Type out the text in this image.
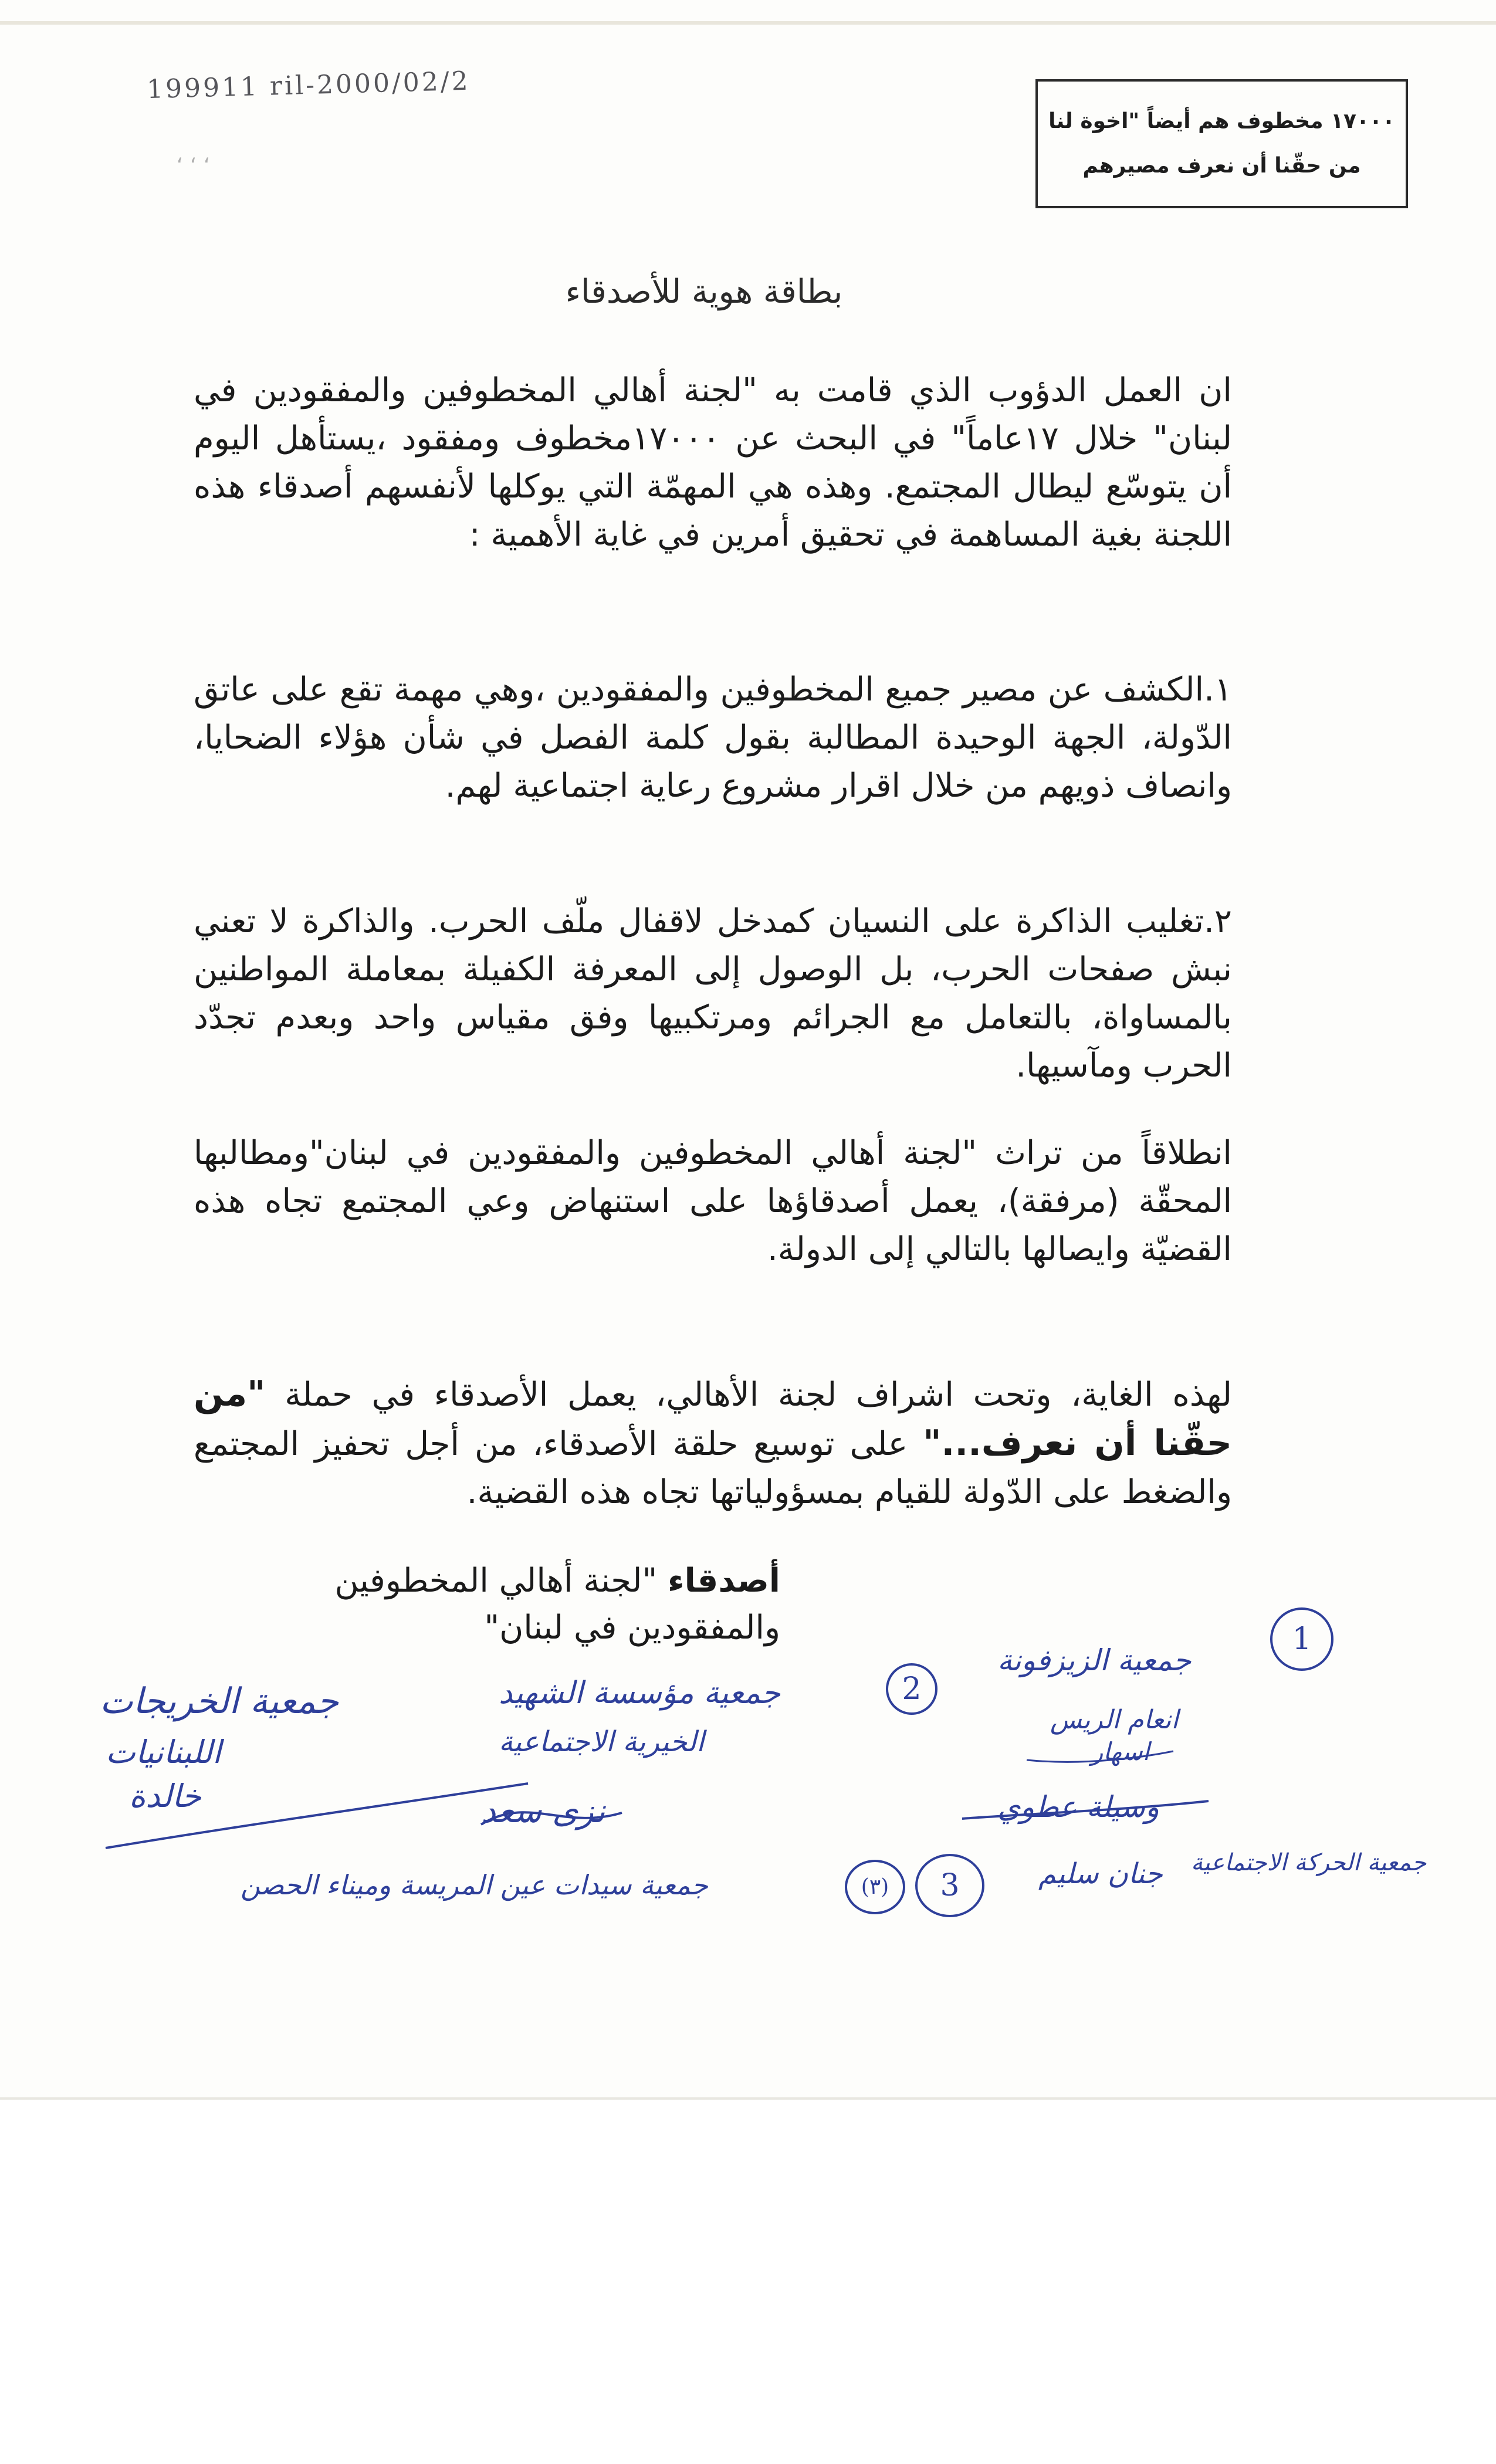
199911 ril-2000/02/2
، ، ،
١٧٠٠٠ مخطوف هم أيضاً "اخوة لنا
من حقّنا أن نعرف مصيرهم
بطاقة هوية للأصدقاء
ان العمل الدؤوب الذي قامت به "لجنة أهالي المخطوفين والمفقودين في لبنان" خلال ١٧عاماً" في البحث عن ١٧٠٠٠مخطوف ومفقود ،يستأهل اليوم أن يتوسّع ليطال المجتمع. وهذه هي المهمّة التي يوكلها لأنفسهم أصدقاء هذه اللجنة بغية المساهمة في تحقيق أمرين في غاية الأهمية :
١.الكشف عن مصير جميع المخطوفين والمفقودين ،وهي مهمة تقع على عاتق الدّولة، الجهة الوحيدة المطالبة بقول كلمة الفصل في شأن هؤلاء الضحايا، وانصاف ذويهم من خلال اقرار مشروع رعاية اجتماعية لهم.
٢.تغليب الذاكرة على النسيان كمدخل لاقفال ملّف الحرب. والذاكرة لا تعني نبش صفحات الحرب، بل الوصول إلى المعرفة الكفيلة بمعاملة المواطنين بالمساواة، بالتعامل مع الجرائم ومرتكبيها وفق مقياس واحد وبعدم تجدّد الحرب ومآسيها.
انطلاقاً من تراث "لجنة أهالي المخطوفين والمفقودين في لبنان"ومطالبها المحقّة (مرفقة)، يعمل أصدقاؤها على استنهاض وعي المجتمع تجاه هذه القضيّة وايصالها بالتالي إلى الدولة.
لهذه الغاية، وتحت اشراف لجنة الأهالي، يعمل الأصدقاء في حملة "من حقّنا أن نعرف..." على توسيع حلقة الأصدقاء، من أجل تحفيز المجتمع والضغط على الدّولة للقيام بمسؤولياتها تجاه هذه القضية.
أصدقاء "لجنة أهالي المخطوفين
والمفقودين في لبنان"	1
جمعية الزيزفونة
انعام الريس
اسهار
وسيلة عطوي
2
جمعية مؤسسة الشهيد
الخيرية الاجتماعية
نزى سعد
جمعية الخريجات
اللبنانيات
خالدة
3
(٣)
جمعية سيدات عين المريسة وميناء الحصن
جمعية الحركة الاجتماعية
جنان سليم
